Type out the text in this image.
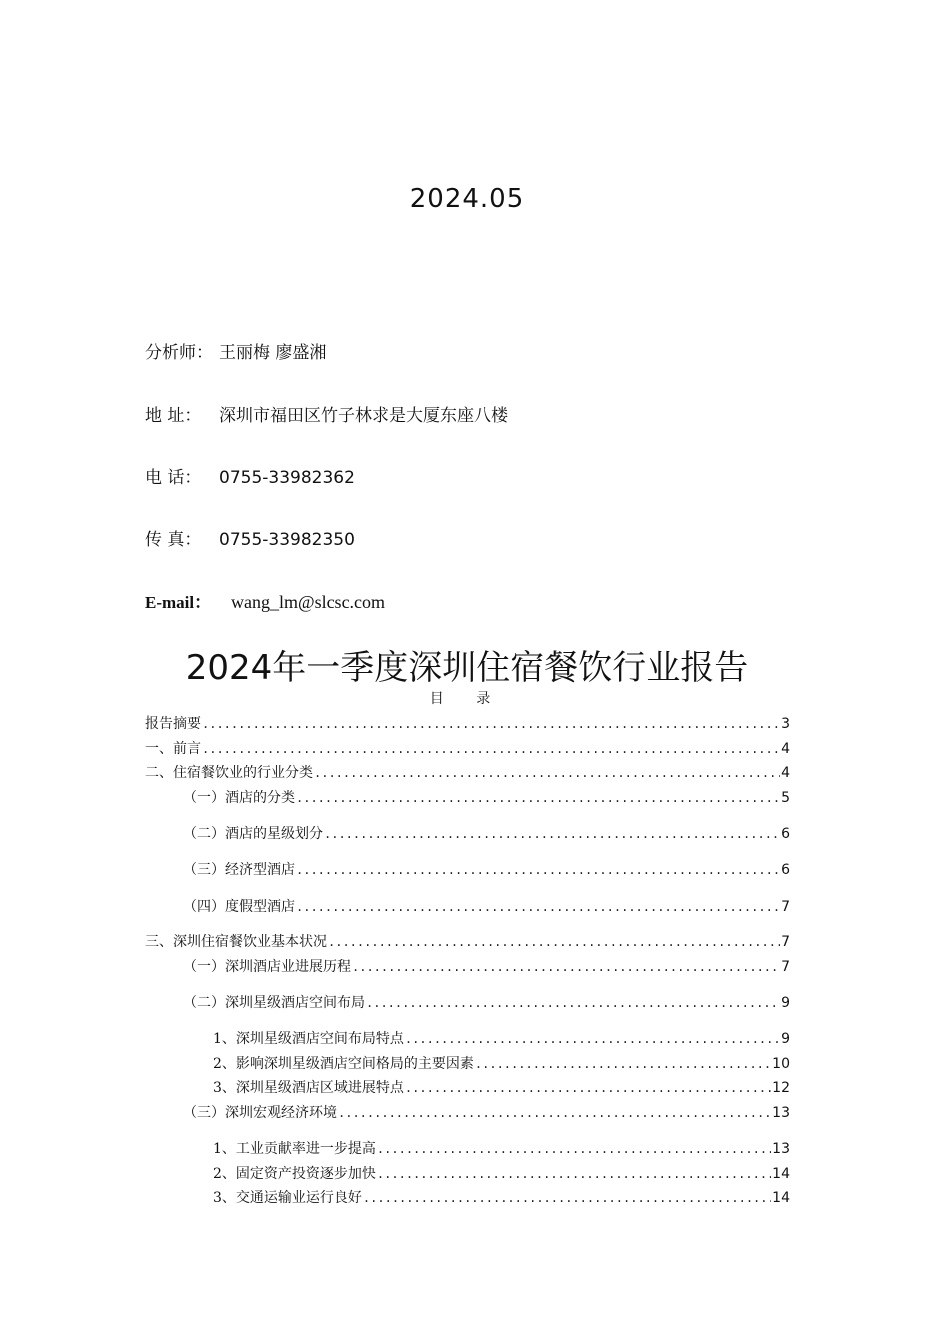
2024.05
分析师： 王丽梅 廖盛湘
地 址： 深圳市福田区竹子林求是大厦东座八楼
电 话： 0755-33982362
传 真： 0755-33982350
E-mail： wang_lm@slcsc.com
2024年一季度深圳住宿餐饮行业报告
目 录
报告摘要 .....	3
一、前言 .....	4
二、住宿餐饮业的行业分类 .....	4
（一）酒店的分类 .....	5
（二）酒店的星级划分 .....	6
（三）经济型酒店 .....	6
（四）度假型酒店 .....	7
三、深圳住宿餐饮业基本状况 .....	7
（一）深圳酒店业进展历程 .....	7
（二）深圳星级酒店空间布局 .....	9
1、深圳星级酒店空间布局特点 .....	9
2、影响深圳星级酒店空间格局的主要因素 .....	10
3、深圳星级酒店区域进展特点 .....	12
（三）深圳宏观经济环境 .....	13
1、工业贡献率进一步提高 .....	13
2、固定资产投资逐步加快 .....	14
3、交通运输业运行良好 .....	14
